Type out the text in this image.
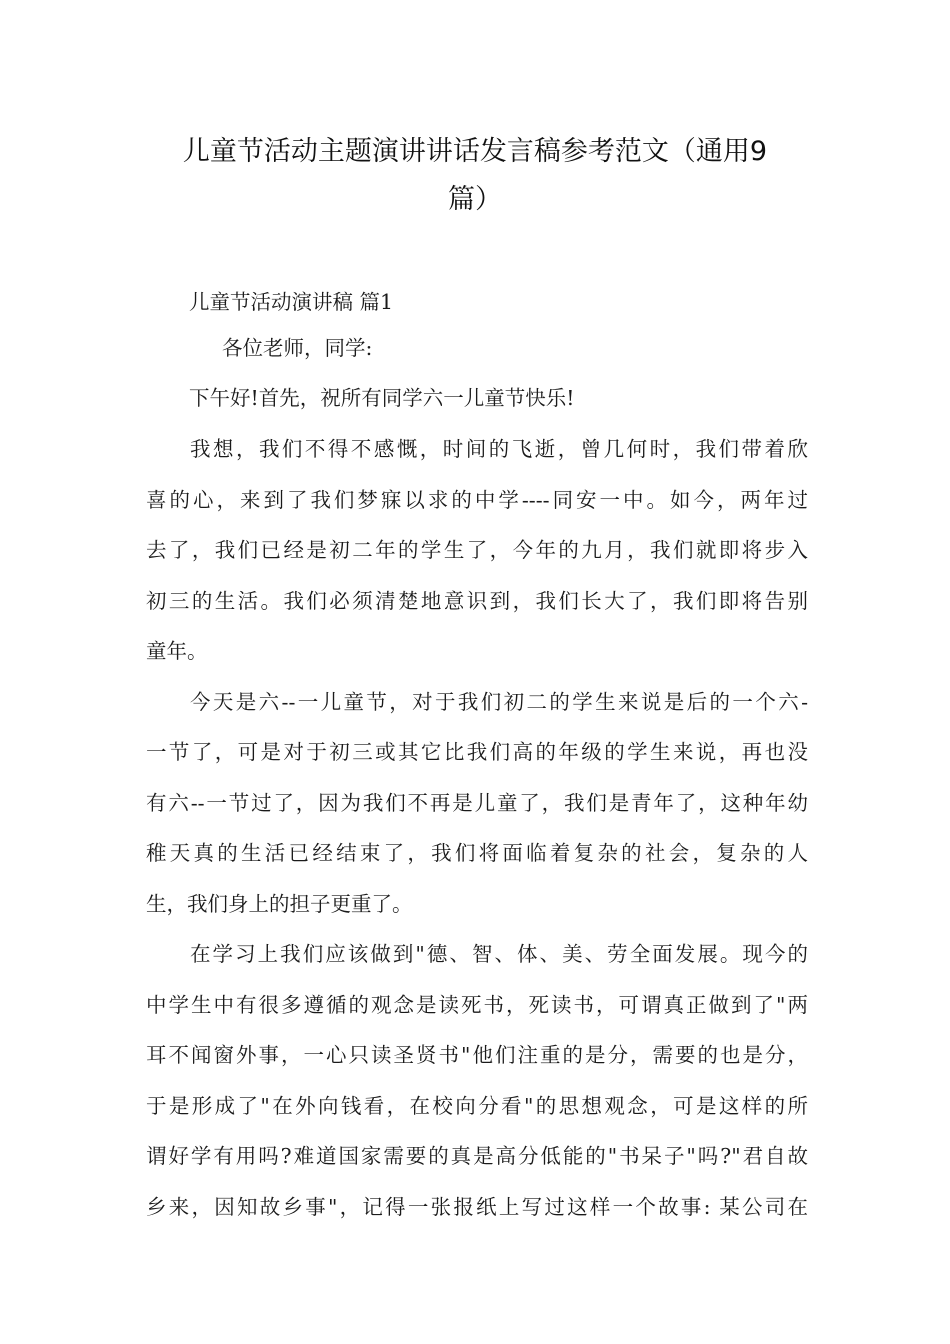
儿童节活动主题演讲讲话发言稿参考范文（通用9
篇）

儿童节活动演讲稿 篇1

各位老师，同学:

下午好!首先，祝所有同学六一儿童节快乐!

我想，我们不得不感慨，时间的飞逝，曾几何时，我们带着欣
喜的心，来到了我们梦寐以求的中学----同安一中。如今，两年过
去了，我们已经是初二年的学生了，今年的九月，我们就即将步入
初三的生活。我们必须清楚地意识到，我们长大了，我们即将告别
童年。
今天是六--一儿童节，对于我们初二的学生来说是后的一个六-
一节了，可是对于初三或其它比我们高的年级的学生来说，再也没
有六--一节过了，因为我们不再是儿童了，我们是青年了，这种年幼
稚天真的生活已经结束了，我们将面临着复杂的社会，复杂的人
生，我们身上的担子更重了。
在学习上我们应该做到"德、智、体、美、劳全面发展。现今的
中学生中有很多遵循的观念是读死书，死读书，可谓真正做到了"两
耳不闻窗外事，一心只读圣贤书"他们注重的是分，需要的也是分，
于是形成了"在外向钱看，在校向分看"的思想观念，可是这样的所
谓好学有用吗?难道国家需要的真是高分低能的"书呆子"吗?"君自故
乡来，因知故乡事"，记得一张报纸上写过这样一个故事: 某公司在
